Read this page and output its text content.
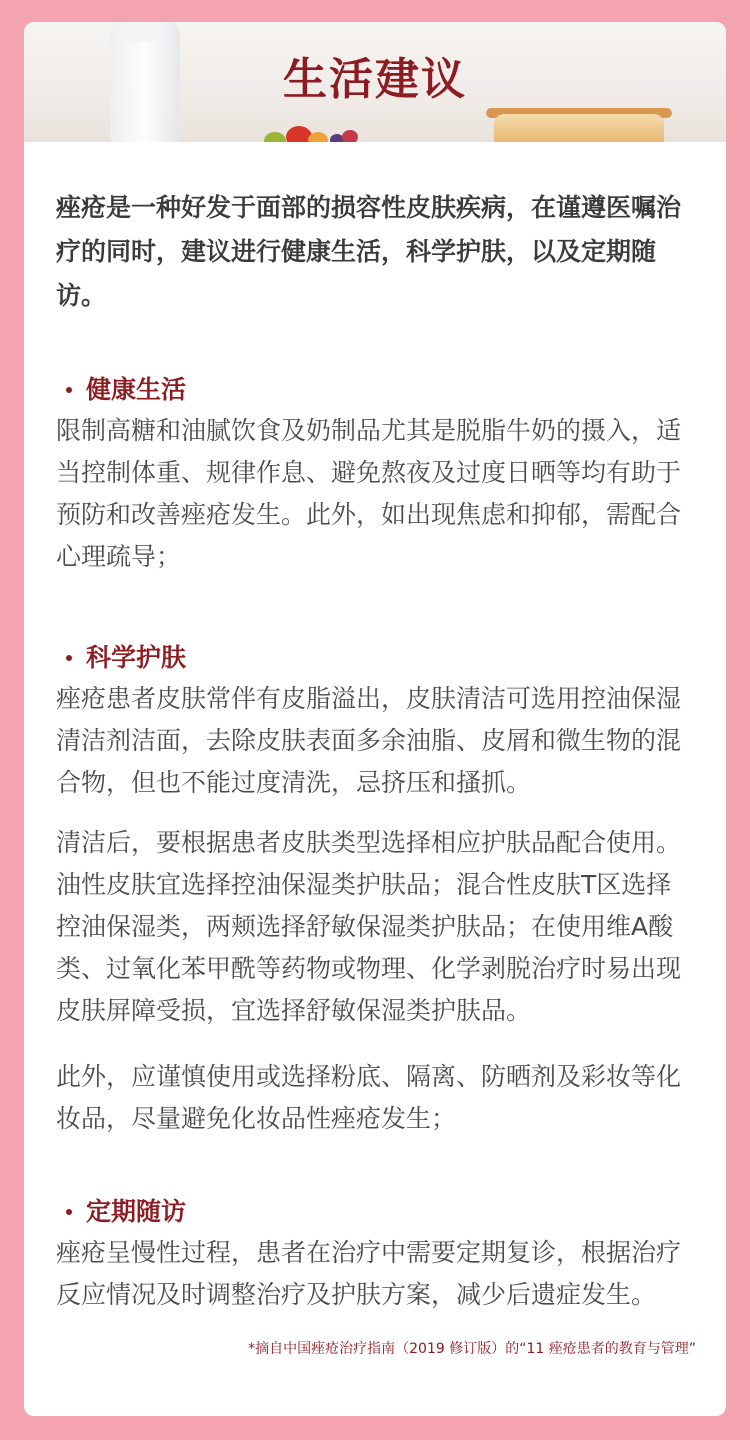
生活建议

痤疮是一种好发于面部的损容性皮肤疾病，在谨遵医嘱治疗的同时，建议进行健康生活，科学护肤，以及定期随访。

健康生活

限制高糖和油腻饮食及奶制品尤其是脱脂牛奶的摄入，适当控制体重、规律作息、避免熬夜及过度日晒等均有助于预防和改善痤疮发生。此外，如出现焦虑和抑郁，需配合心理疏导；

科学护肤

痤疮患者皮肤常伴有皮脂溢出，皮肤清洁可选用控油保湿清洁剂洁面，去除皮肤表面多余油脂、皮屑和微生物的混合物，但也不能过度清洗，忌挤压和搔抓。

清洁后，要根据患者皮肤类型选择相应护肤品配合使用。油性皮肤宜选择控油保湿类护肤品；混合性皮肤T区选择控油保湿类，两颊选择舒敏保湿类护肤品；在使用维A酸类、过氧化苯甲酰等药物或物理、化学剥脱治疗时易出现皮肤屏障受损，宜选择舒敏保湿类护肤品。

此外，应谨慎使用或选择粉底、隔离、防晒剂及彩妆等化妆品，尽量避免化妆品性痤疮发生；

定期随访

痤疮呈慢性过程，患者在治疗中需要定期复诊，根据治疗反应情况及时调整治疗及护肤方案，减少后遗症发生。

*摘自中国痤疮治疗指南（2019 修订版）的“11 痤疮患者的教育与管理”
